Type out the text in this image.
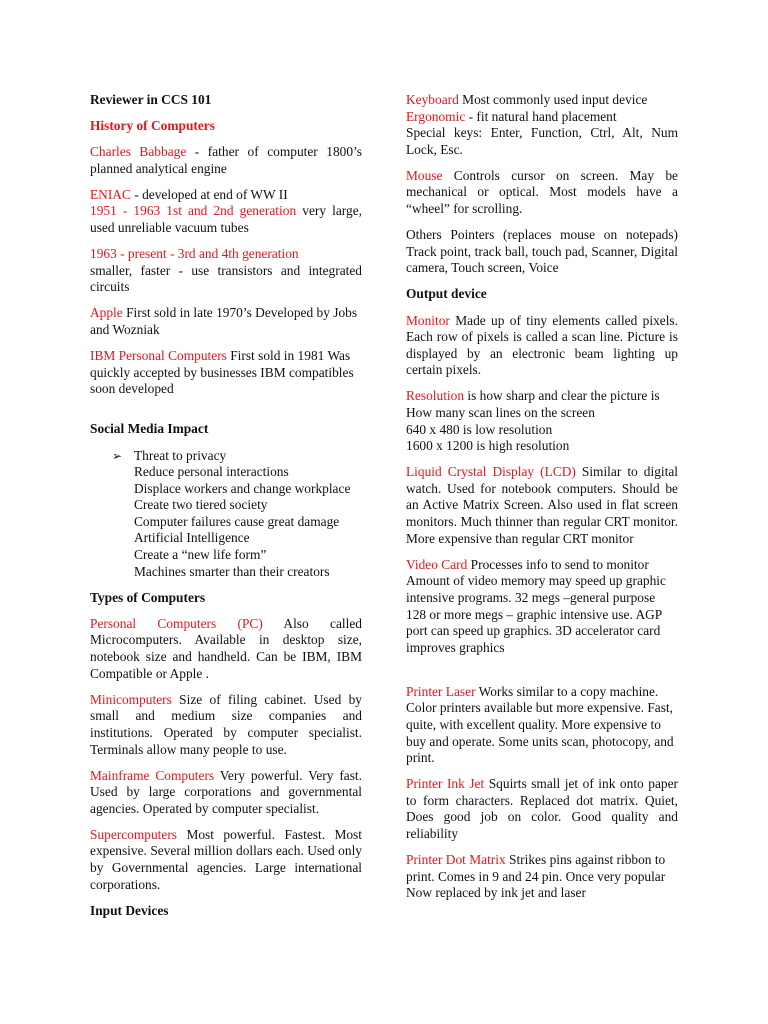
Reviewer in CCS 101
History of Computers

Charles Babbage - father of computer 1800’s planned analytical engine

ENIAC - developed at end of WW II

1951 - 1963 1st and 2nd generation very large, used unreliable vacuum tubes

1963 - present - 3rd and 4th generation
smaller, faster - use transistors and integrated circuits

Apple First sold in late 1970’s Developed by Jobs and Wozniak

IBM Personal Computers First sold in 1981 Was quickly accepted by businesses IBM compatibles soon developed

Social Media Impact
➢ Threat to privacy
Reduce personal interactions
Displace workers and change workplace
Create two tiered society
Computer failures cause great damage
Artificial Intelligence
Create a “new life form”
Machines smarter than their creators
Types of Computers

Personal Computers (PC) Also called Microcomputers. Available in desktop size, notebook size and handheld. Can be IBM, IBM Compatible or Apple .

Minicomputers Size of filing cabinet. Used by small and medium size companies and institutions. Operated by computer specialist. Terminals allow many people to use.

Mainframe Computers Very powerful. Very fast. Used by large corporations and governmental agencies. Operated by computer specialist.

Supercomputers Most powerful. Fastest. Most expensive. Several million dollars each. Used only by Governmental agencies. Large international corporations.

Input Devices

Keyboard Most commonly used input device

Ergonomic - fit natural hand placement

Special keys: Enter, Function, Ctrl, Alt, Num Lock, Esc.

Mouse Controls cursor on screen. May be mechanical or optical. Most models have a “wheel” for scrolling.

Others Pointers (replaces mouse on notepads) Track point, track ball, touch pad, Scanner, Digital camera, Touch screen, Voice

Output device

Monitor Made up of tiny elements called pixels. Each row of pixels is called a scan line. Picture is displayed by an electronic beam lighting up certain pixels.

Resolution is how sharp and clear the picture is
How many scan lines on the screen
640 x 480 is low resolution
1600 x 1200 is high resolution

Liquid Crystal Display (LCD) Similar to digital watch. Used for notebook computers. Should be an Active Matrix Screen. Also used in flat screen monitors. Much thinner than regular CRT monitor. More expensive than regular CRT monitor

Video Card Processes info to send to monitor Amount of video memory may speed up graphic intensive programs. 32 megs –general purpose 128 or more megs – graphic intensive use. AGP port can speed up graphics. 3D accelerator card improves graphics

Printer Laser Works similar to a copy machine. Color printers available but more expensive. Fast, quite, with excellent quality. More expensive to buy and operate. Some units scan, photocopy, and print.

Printer Ink Jet Squirts small jet of ink onto paper to form characters. Replaced dot matrix. Quiet, Does good job on color. Good quality and reliability

Printer Dot Matrix Strikes pins against ribbon to print. Comes in 9 and 24 pin. Once very popular Now replaced by ink jet and laser
